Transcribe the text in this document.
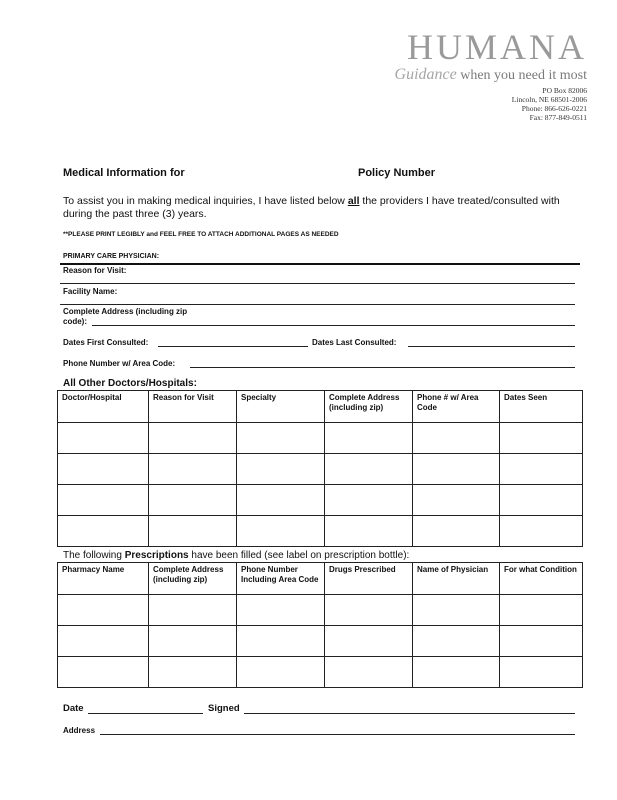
HUMANA
Guidance when you need it most
PO Box 82006
Lincoln, NE 68501-2006
Phone: 866-626-0221
Fax: 877-849-0511
Medical Information for	Policy Number
To assist you in making medical inquiries, I have listed below all the providers I have treated/consulted with during the past three (3) years.
**PLEASE PRINT LEGIBLY and FEEL FREE TO ATTACH ADDITIONAL PAGES AS NEEDED
PRIMARY CARE PHYSICIAN:
Reason for Visit:
Facility Name:
Complete Address (including zip code):
Dates First Consulted:	Dates Last Consulted:
Phone Number w/ Area Code:
All Other Doctors/Hospitals:
Doctor/Hospital	Reason for Visit	Specialty	Complete Address (including zip)	Phone # w/ Area Code	Dates Seen

The following Prescriptions have been filled (see label on prescription bottle):
Pharmacy Name	Complete Address (including zip)	Phone Number Including Area Code	Drugs Prescribed	Name of Physician	For what Condition

Date	Signed
Address
